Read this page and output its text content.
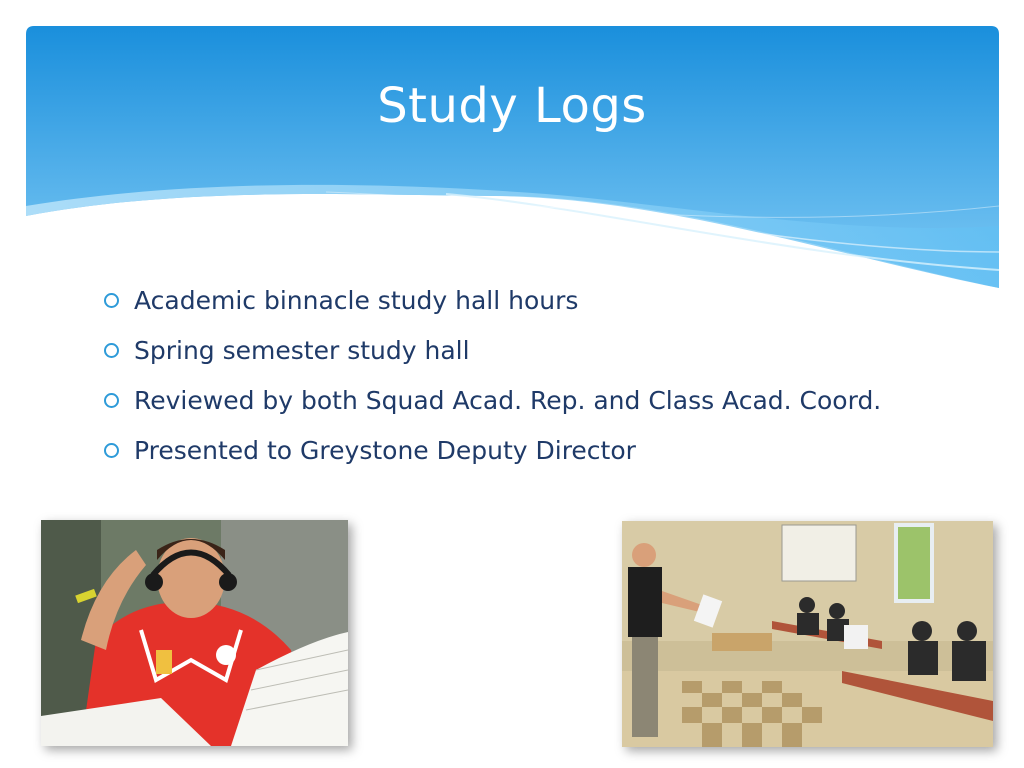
Study Logs
Academic binnacle study hall hours
Spring semester study hall
Reviewed by both Squad Acad. Rep. and Class Acad. Coord.
Presented to Greystone Deputy Director
